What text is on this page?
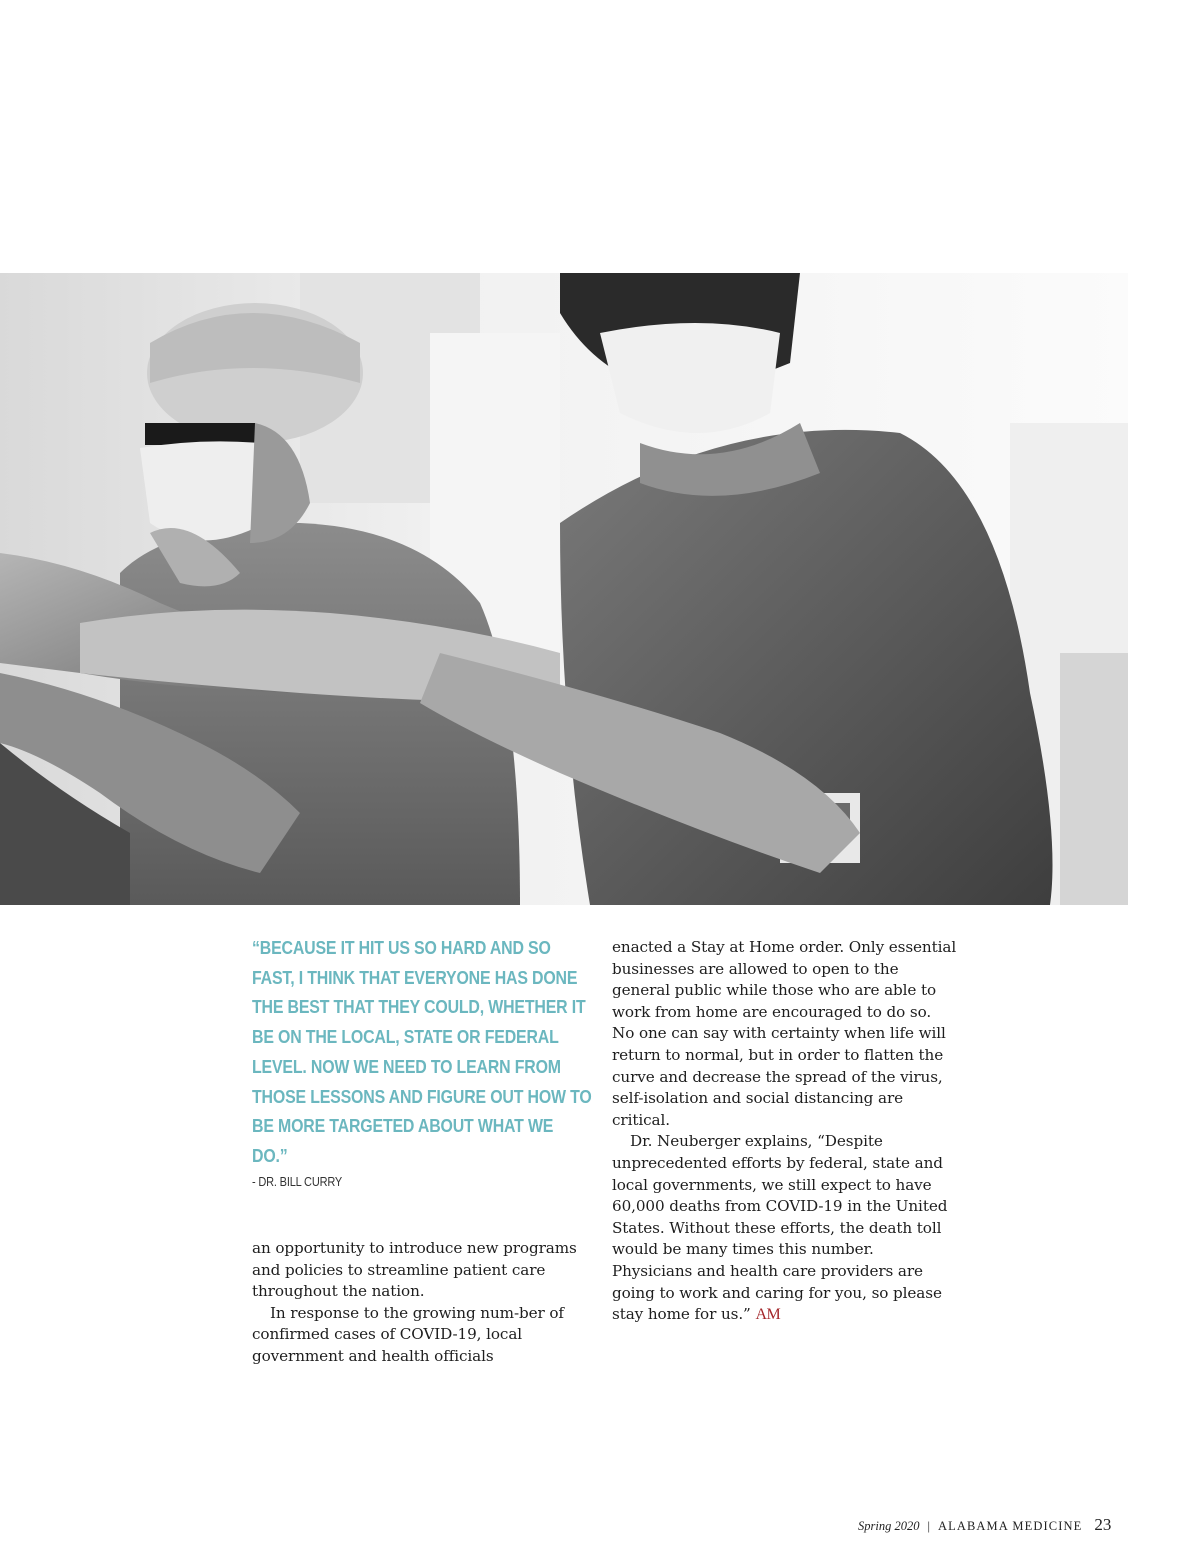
“BECAUSE IT HIT US SO HARD AND SO FAST, I THINK THAT EVERYONE HAS DONE THE BEST THAT THEY COULD, WHETHER IT BE ON THE LOCAL, STATE OR FEDERAL LEVEL. NOW WE NEED TO LEARN FROM THOSE LESSONS AND FIGURE OUT HOW TO BE MORE TARGETED ABOUT WHAT WE DO.”

- DR. BILL CURRY

an opportunity to introduce new programs and policies to streamline patient care throughout the nation.

In response to the growing num-ber of confirmed cases of COVID-19, local government and health officials

enacted a Stay at Home order. Only essential businesses are allowed to open to the general public while those who are able to work from home are encouraged to do so. No one can say with certainty when life will return to normal, but in order to flatten the curve and decrease the spread of the virus, self-isolation and social distancing are critical.

Dr. Neuberger explains, “Despite unprecedented efforts by federal, state and local governments, we still expect to have 60,000 deaths from COVID-19 in the United States. Without these efforts, the death toll would be many times this number. Physicians and health care providers are going to work and caring for you, so please stay home for us.” AM

Spring 2020 | ALABAMA MEDICINE 23
